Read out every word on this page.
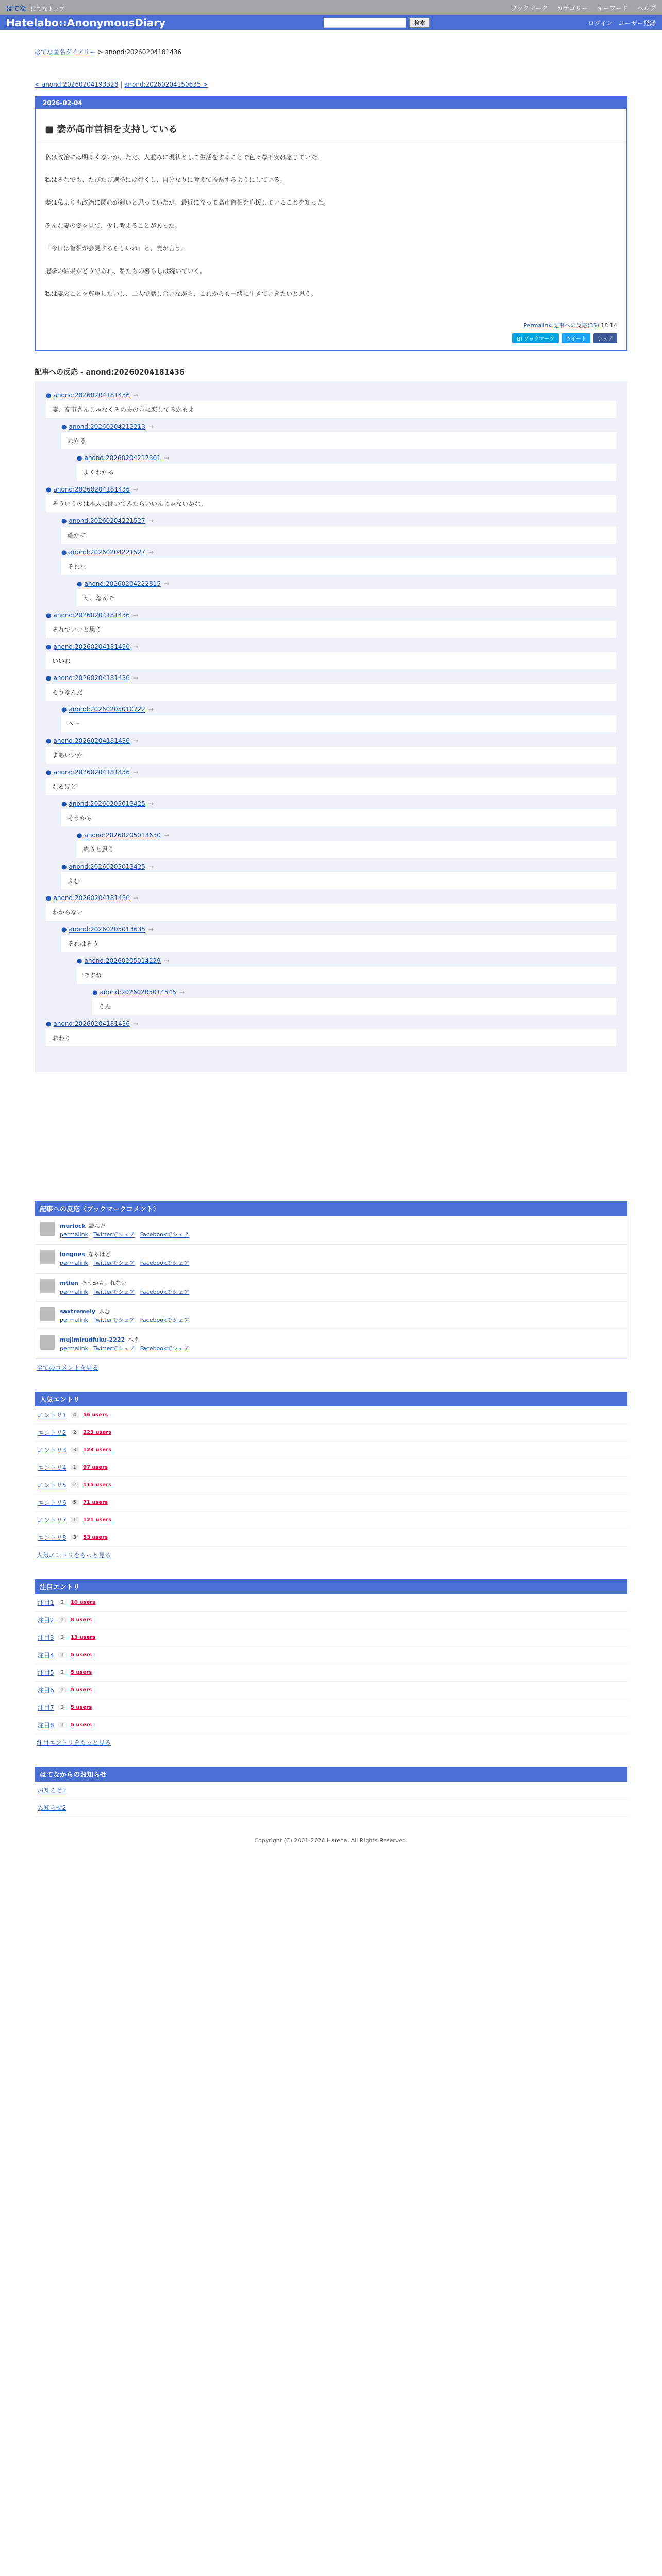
はてな はてなトップ	ブックマーク カテゴリー キーワード ヘルプ
Hatelabo::AnonymousDiary	検索	ログイン ユーザー登録
はてな匿名ダイアリー > anond:20260204181436
< anond:20260204193328 | anond:20260204150635 >
2026-02-04
■ 妻が高市首相を支持している

私は政治には明るくないが、ただ、人並みに現状として生活をすることで色々な不安は感じていた。

私はそれでも、たびたび選挙には行くし、自分なりに考えて投票するようにしている。

妻は私よりも政治に関心が薄いと思っていたが、最近になって高市首相を応援していることを知った。

そんな妻の姿を見て、少し考えることがあった。

「今日は首相が会見するらしいね」と、妻が言う。

選挙の結果がどうであれ、私たちの暮らしは続いていく。

私は妻のことを尊重したいし、二人で話し合いながら、これからも一緒に生きていきたいと思う。

Permalink 記事への反応(35) 18:14
B! ブックマーク	ツイート	シェア
記事への反応 - anond:20260204181436
● anond:20260204181436 →
妻、高市さんじゃなくその夫の方に恋してるかもよ
● anond:20260204212213 →
わかる
● anond:20260204212301 →
よくわかる
● anond:20260204181436 →
そういうのは本人に聞いてみたらいいんじゃないかな。
● anond:20260204221527 →
確かに
● anond:20260204221527 →
それな
● anond:20260204222815 →
え、なんで
● anond:20260204181436 →
それでいいと思う
● anond:20260204181436 →
いいね
● anond:20260204181436 →
そうなんだ
● anond:20260205010722 →
へー
● anond:20260204181436 →
まあいいか
● anond:20260204181436 →
なるほど
● anond:20260205013425 →
そうかも
● anond:20260205013630 →
違うと思う
● anond:20260205013425 →
ふむ
● anond:20260204181436 →
わからない
● anond:20260205013635 →
それはそう
● anond:20260205014229 →
ですね
● anond:20260205014545 →
うん
● anond:20260204181436 →
おわり
記事への反応（ブックマークコメント）
murlock 読んだ
permalink Twitterでシェア Facebookでシェア
longnes なるほど
permalink Twitterでシェア Facebookでシェア
mtien そうかもしれない
permalink Twitterでシェア Facebookでシェア
saxtremely ふむ
permalink Twitterでシェア Facebookでシェア
mujimirudfuku-2222 へえ
permalink Twitterでシェア Facebookでシェア
全てのコメントを見る
人気エントリ
エントリ1	4	56 users
エントリ2	2	223 users
エントリ3	3	123 users
エントリ4	1	97 users
エントリ5	2	115 users
エントリ6	5	71 users
エントリ7	1	121 users
エントリ8	3	53 users
人気エントリをもっと見る
注目エントリ
注目1	2	10 users
注目2	1	8 users
注目3	2	13 users
注目4	1	5 users
注目5	2	5 users
注目6	1	5 users
注目7	2	5 users
注目8	1	5 users
注目エントリをもっと見る
はてなからのお知らせ
お知らせ1
お知らせ2
Copyright (C) 2001-2026 Hatena. All Rights Reserved.
